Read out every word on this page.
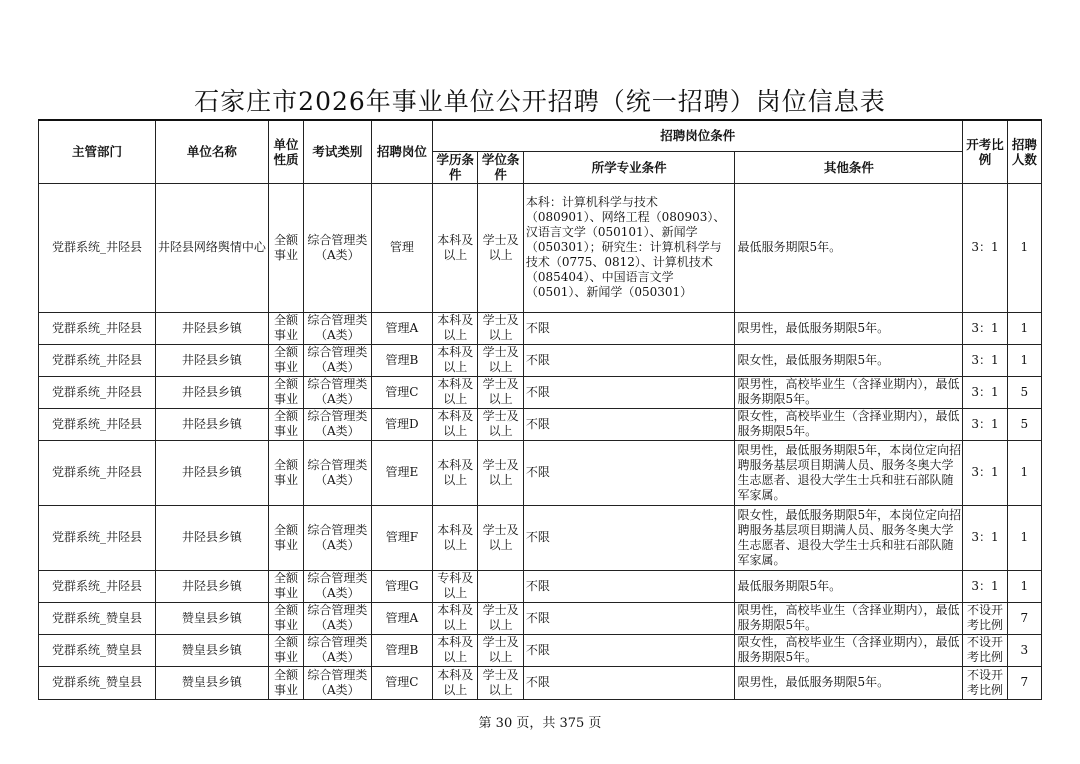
石家庄市2026年事业单位公开招聘（统一招聘）岗位信息表
主管部门	单位名称	单位性质	考试类别	招聘岗位	招聘岗位条件				开考比例	招聘人数
					学历条件	学位条件	所学专业条件	其他条件		
党群系统_井陉县	井陉县网络舆情中心	全额事业	综合管理类（A类）	管理	本科及以上	学士及以上	本科：计算机科学与技术（080901）、网络工程（080903）、汉语言文学（050101）、新闻学（050301）；研究生：计算机科学与技术（0775、0812）、计算机技术（085404）、中国语言文学（0501）、新闻学（050301）	最低服务期限5年。	3：1	1
党群系统_井陉县	井陉县乡镇	全额事业	综合管理类（A类）	管理A	本科及以上	学士及以上	不限	限男性，最低服务期限5年。	3：1	1
党群系统_井陉县	井陉县乡镇	全额事业	综合管理类（A类）	管理B	本科及以上	学士及以上	不限	限女性，最低服务期限5年。	3：1	1
党群系统_井陉县	井陉县乡镇	全额事业	综合管理类（A类）	管理C	本科及以上	学士及以上	不限	限男性，高校毕业生（含择业期内），最低服务期限5年。	3：1	5
党群系统_井陉县	井陉县乡镇	全额事业	综合管理类（A类）	管理D	本科及以上	学士及以上	不限	限女性，高校毕业生（含择业期内），最低服务期限5年。	3：1	5
党群系统_井陉县	井陉县乡镇	全额事业	综合管理类（A类）	管理E	本科及以上	学士及以上	不限	限男性，最低服务期限5年，本岗位定向招聘服务基层项目期满人员、服务冬奥大学生志愿者、退役大学生士兵和驻石部队随军家属。	3：1	1
党群系统_井陉县	井陉县乡镇	全额事业	综合管理类（A类）	管理F	本科及以上	学士及以上	不限	限女性，最低服务期限5年，本岗位定向招聘服务基层项目期满人员、服务冬奥大学生志愿者、退役大学生士兵和驻石部队随军家属。	3：1	1
党群系统_井陉县	井陉县乡镇	全额事业	综合管理类（A类）	管理G	专科及以上		不限	最低服务期限5年。	3：1	1
党群系统_赞皇县	赞皇县乡镇	全额事业	综合管理类（A类）	管理A	本科及以上	学士及以上	不限	限男性，高校毕业生（含择业期内），最低服务期限5年。	不设开考比例	7
党群系统_赞皇县	赞皇县乡镇	全额事业	综合管理类（A类）	管理B	本科及以上	学士及以上	不限	限女性，高校毕业生（含择业期内），最低服务期限5年。	不设开考比例	3
党群系统_赞皇县	赞皇县乡镇	全额事业	综合管理类（A类）	管理C	本科及以上	学士及以上	不限	限男性，最低服务期限5年。	不设开考比例	7
第 30 页，共 375 页
